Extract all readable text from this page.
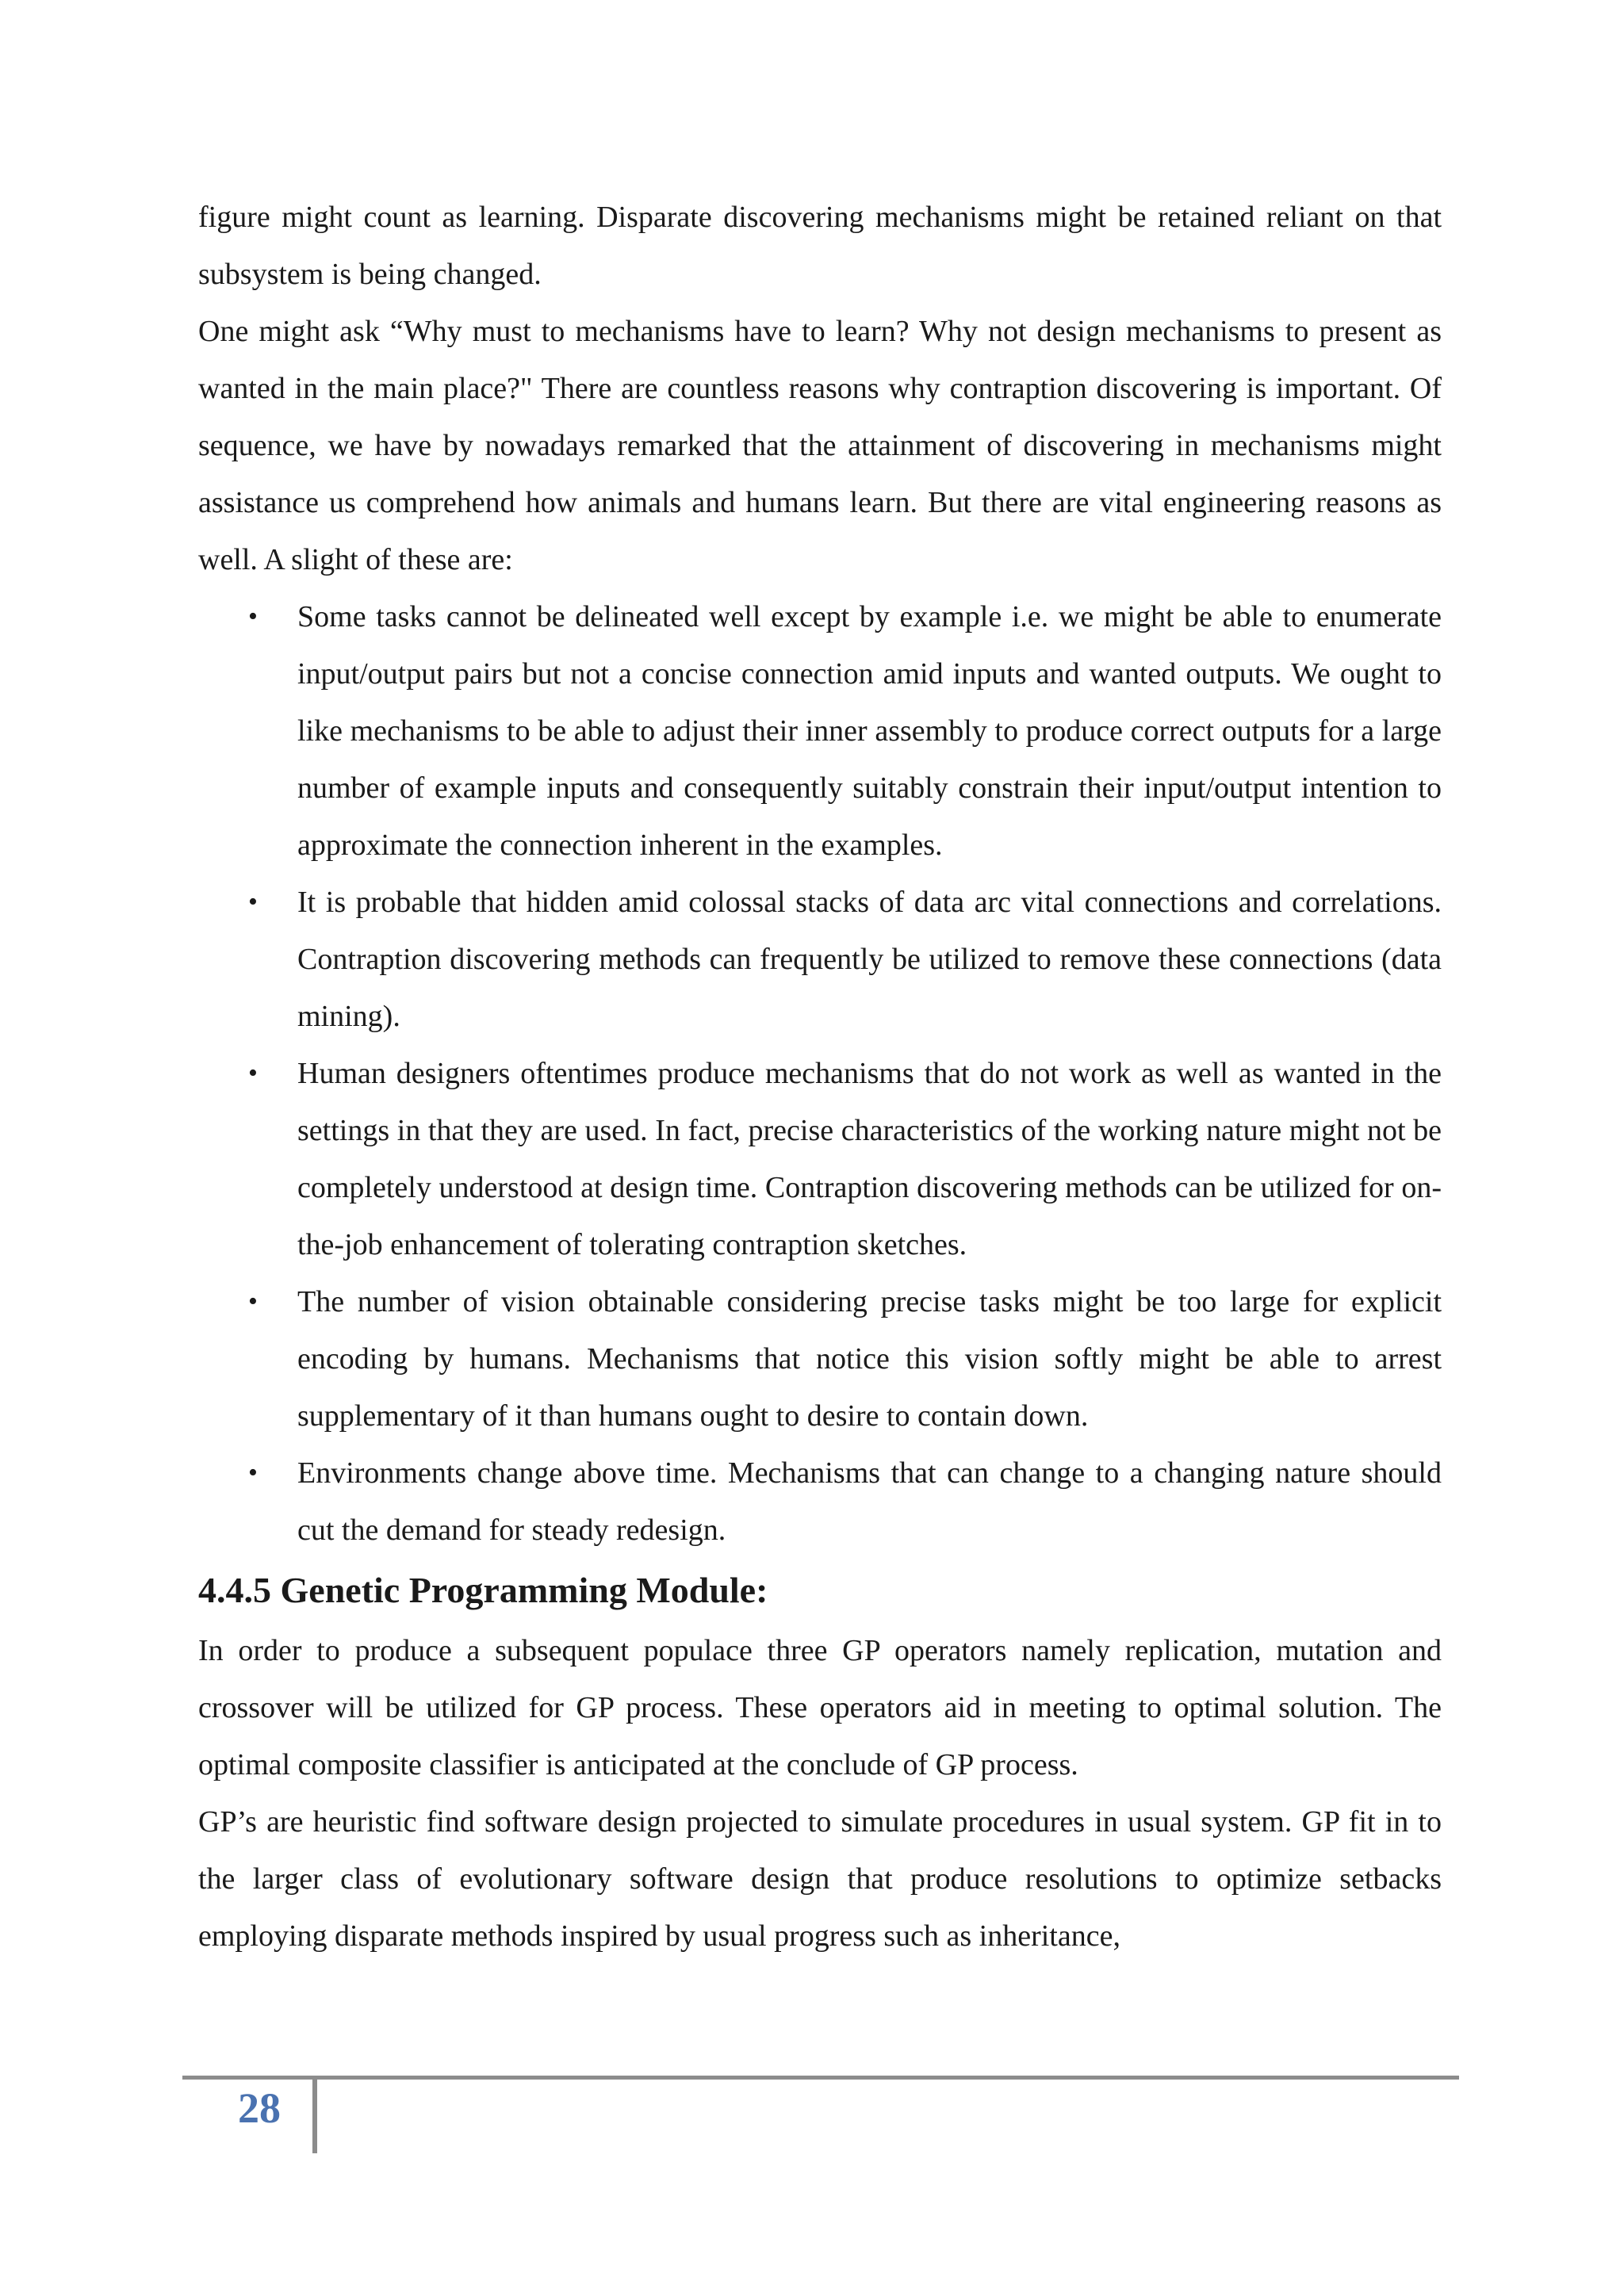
figure might count as learning. Disparate discovering mechanisms might be retained reliant on that subsystem is being changed.

One might ask “Why must to mechanisms have to learn? Why not design mechanisms to present as wanted in the main place?" There are countless reasons why contraption discovering is important. Of sequence, we have by nowadays remarked that the attainment of discovering in mechanisms might assistance us comprehend how animals and humans learn. But there are vital engineering reasons as well. A slight of these are:

• Some tasks cannot be delineated well except by example i.e. we might be able to enumerate input/output pairs but not a concise connection amid inputs and wanted outputs. We ought to like mechanisms to be able to adjust their inner assembly to produce correct outputs for a large number of example inputs and consequently suitably constrain their input/output intention to approximate the connection inherent in the examples.
• It is probable that hidden amid colossal stacks of data arc vital connections and correlations. Contraption discovering methods can frequently be utilized to remove these connections (data mining).
• Human designers oftentimes produce mechanisms that do not work as well as wanted in the settings in that they are used. In fact, precise characteristics of the working nature might not be completely understood at design time. Contraption discovering methods can be utilized for on-the-job enhancement of tolerating contraption sketches.
• The number of vision obtainable considering precise tasks might be too large for explicit encoding by humans. Mechanisms that notice this vision softly might be able to arrest supplementary of it than humans ought to desire to contain down.
• Environments change above time. Mechanisms that can change to a changing nature should cut the demand for steady redesign.
4.4.5 Genetic Programming Module:

In order to produce a subsequent populace three GP operators namely replication, mutation and crossover will be utilized for GP process. These operators aid in meeting to optimal solution. The optimal composite classifier is anticipated at the conclude of GP process.

GP’s are heuristic find software design projected to simulate procedures in usual system. GP fit in to the larger class of evolutionary software design that produce resolutions to optimize setbacks employing disparate methods inspired by usual progress such as inheritance,

28
